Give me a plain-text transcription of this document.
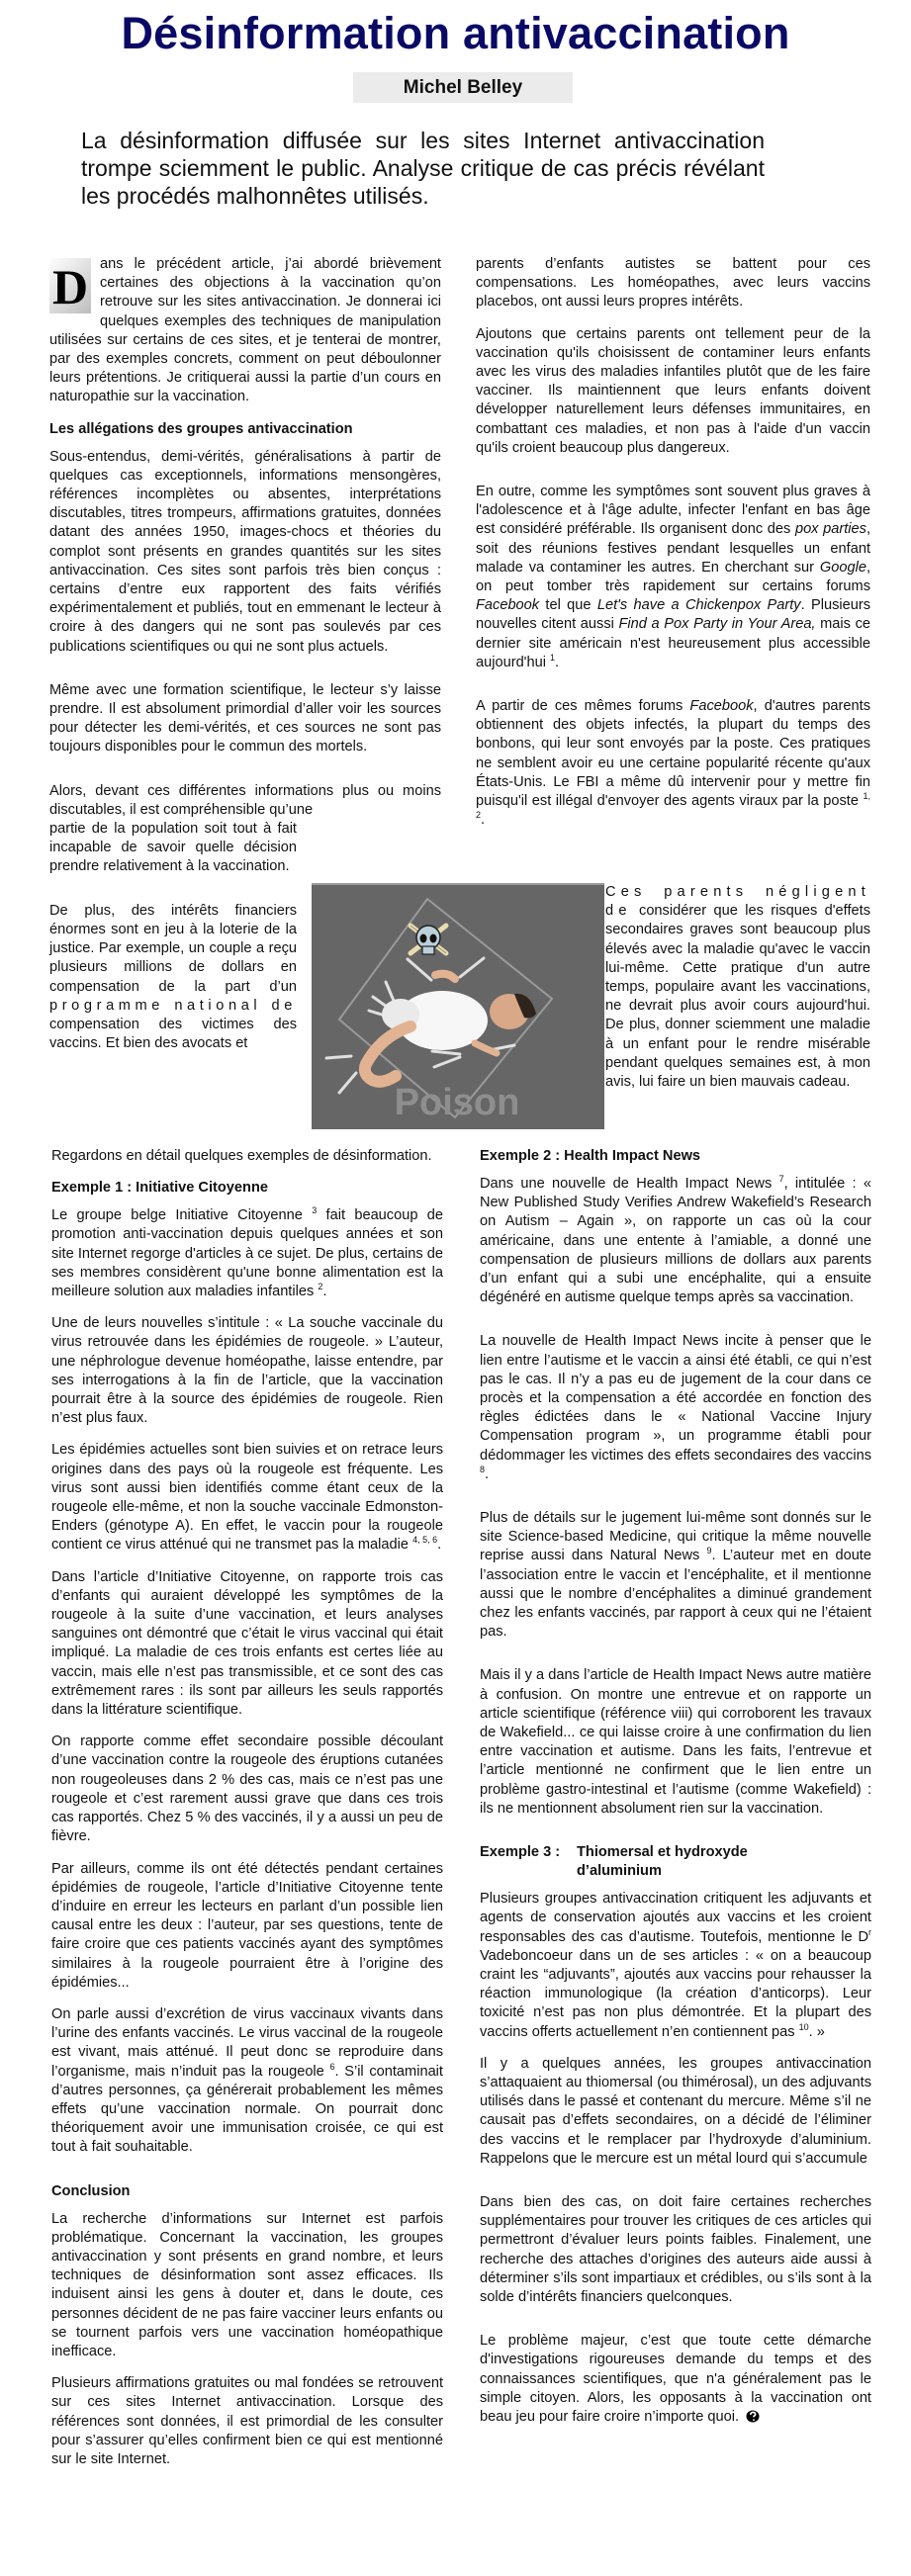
Désinformation antivaccination
Michel Belley

La désinformation diffusée sur les sites Internet antivaccination trompe sciemment le public. Analyse critique de cas précis révélant les procédés malhonnêtes utilisés.

D ans le précédent article, j’ai abordé brièvement certaines des objections à la vaccination qu’on retrouve sur les sites antivaccination. Je donnerai ici quelques exemples des techniques de manipulation utilisées sur certains de ces sites, et je tenterai de montrer, par des exemples concrets, comment on peut déboulonner leurs prétentions. Je critiquerai aussi la partie d’un cours en naturopathie sur la vaccination.

Les allégations des groupes antivaccination

Sous-entendus, demi-vérités, généralisations à partir de quelques cas exceptionnels, informations mensongères, références incomplètes ou absentes, interprétations discutables, titres trompeurs, affirmations gratuites, données datant des années 1950, images-chocs et théories du complot sont présents en grandes quantités sur les sites antivaccination. Ces sites sont parfois très bien conçus : certains d’entre eux rapportent des faits vérifiés expérimentalement et publiés, tout en emmenant le lecteur à croire à des dangers qui ne sont pas soulevés par ces publications scientifiques ou qui ne sont plus actuels.

Même avec une formation scientifique, le lecteur s’y laisse prendre. Il est absolument primordial d’aller voir les sources pour détecter les demi-vérités, et ces sources ne sont pas toujours disponibles pour le commun des mortels.

Alors, devant ces différentes informations plus ou moins discutables, il est compréhensible qu’une

partie de la population soit tout à fait incapable de savoir quelle décision prendre relativement à la vaccination.

De plus, des intérêts financiers énormes sont en jeu à la loterie de la justice. Par exemple, un couple a reçu plusieurs millions de dollars en compensation de la part d’un programme national de compensation des victimes des vaccins. Et bien des avocats et

parents d’enfants autistes se battent pour ces compensations. Les homéopathes, avec leurs vaccins placebos, ont aussi leurs propres intérêts.

Ajoutons que certains parents ont tellement peur de la vaccination qu'ils choisissent de contaminer leurs enfants avec les virus des maladies infantiles plutôt que de les faire vacciner. Ils maintiennent que leurs enfants doivent développer naturellement leurs défenses immunitaires, en combattant ces maladies, et non pas à l'aide d'un vaccin qu'ils croient beaucoup plus dangereux.

En outre, comme les symptômes sont souvent plus graves à l'adolescence et à l'âge adulte, infecter l'enfant en bas âge est considéré préférable. Ils organisent donc des pox parties, soit des réunions festives pendant lesquelles un enfant malade va contaminer les autres. En cherchant sur Google, on peut tomber très rapidement sur certains forums Facebook tel que Let's have a Chickenpox Party. Plusieurs nouvelles citent aussi Find a Pox Party in Your Area, mais ce dernier site américain n'est heureusement plus accessible aujourd'hui $^1$.

A partir de ces mêmes forums Facebook, d'autres parents obtiennent des objets infectés, la plupart du temps des bonbons, qui leur sont envoyés par la poste. Ces pratiques ne semblent avoir eu une certaine popularité récente qu'aux États-Unis. Le FBI a même dû intervenir pour y mettre fin puisqu'il est illégal d'envoyer des agents viraux par la poste $^{1, 2}$.

Ces parents négligent de considérer que les risques d'effets secondaires graves sont beaucoup plus élevés avec la maladie qu'avec le vaccin lui-même. Cette pratique d'un autre temps, populaire avant les vaccinations, ne devrait plus avoir cours aujourd'hui. De plus, donner sciemment une maladie à un enfant pour le rendre misérable pendant quelques semaines est, à mon avis, lui faire un bien mauvais cadeau.

Poison

Regardons en détail quelques exemples de désinformation.

Exemple 1 : Initiative Citoyenne

Le groupe belge Initiative Citoyenne $^3$ fait beaucoup de promotion anti-vaccination depuis quelques années et son site Internet regorge d'articles à ce sujet. De plus, certains de ses membres considèrent qu'une bonne alimentation est la meilleure solution aux maladies infantiles $^2$.

Une de leurs nouvelles s’intitule : « La souche vaccinale du virus retrouvée dans les épidémies de rougeole. » L’auteur, une néphrologue devenue homéopathe, laisse entendre, par ses interrogations à la fin de l’article, que la vaccination pourrait être à la source des épidémies de rougeole. Rien n’est plus faux.

Les épidémies actuelles sont bien suivies et on retrace leurs origines dans des pays où la rougeole est fréquente. Les virus sont aussi bien identifiés comme étant ceux de la rougeole elle-même, et non la souche vaccinale Edmonston-Enders (génotype A). En effet, le vaccin pour la rougeole contient ce virus atténué qui ne transmet pas la maladie $^{4, 5, 6}$.

Dans l’article d’Initiative Citoyenne, on rapporte trois cas d’enfants qui auraient développé les symptômes de la rougeole à la suite d’une vaccination, et leurs analyses sanguines ont démontré que c’était le virus vaccinal qui était impliqué. La maladie de ces trois enfants est certes liée au vaccin, mais elle n’est pas transmissible, et ce sont des cas extrêmement rares : ils sont par ailleurs les seuls rapportés dans la littérature scientifique.

On rapporte comme effet secondaire possible découlant d’une vaccination contre la rougeole des éruptions cutanées non rougeoleuses dans 2 % des cas, mais ce n’est pas une rougeole et c’est rarement aussi grave que dans ces trois cas rapportés. Chez 5 % des vaccinés, il y a aussi un peu de fièvre.

Par ailleurs, comme ils ont été détectés pendant certaines épidémies de rougeole, l’article d’Initiative Citoyenne tente d’induire en erreur les lecteurs en parlant d’un possible lien causal entre les deux : l’auteur, par ses questions, tente de faire croire que ces patients vaccinés ayant des symptômes similaires à la rougeole pourraient être à l’origine des épidémies...

On parle aussi d’excrétion de virus vaccinaux vivants dans l’urine des enfants vaccinés. Le virus vaccinal de la rougeole est vivant, mais atténué. Il peut donc se reproduire dans l’organisme, mais n’induit pas la rougeole $^6$. S’il contaminait d’autres personnes, ça générerait probablement les mêmes effets qu’une vaccination normale. On pourrait donc théoriquement avoir une immunisation croisée, ce qui est tout à fait souhaitable.

Conclusion

La recherche d’informations sur Internet est parfois problématique. Concernant la vaccination, les groupes antivaccination y sont présents en grand nombre, et leurs techniques de désinformation sont assez efficaces. Ils induisent ainsi les gens à douter et, dans le doute, ces personnes décident de ne pas faire vacciner leurs enfants ou se tournent parfois vers une vaccination homéopathique inefficace.

Plusieurs affirmations gratuites ou mal fondées se retrouvent sur ces sites Internet antivaccination. Lorsque des références sont données, il est primordial de les consulter pour s’assurer qu’elles confirment bien ce qui est mentionné sur le site Internet.

Exemple 2 : Health Impact News

Dans une nouvelle de Health Impact News $^7$, intitulée : « New Published Study Verifies Andrew Wakefield’s Research on Autism – Again », on rapporte un cas où la cour américaine, dans une entente à l’amiable, a donné une compensation de plusieurs millions de dollars aux parents d’un enfant qui a subi une encéphalite, qui a ensuite dégénéré en autisme quelque temps après sa vaccination.

La nouvelle de Health Impact News incite à penser que le lien entre l’autisme et le vaccin a ainsi été établi, ce qui n’est pas le cas. Il n’y a pas eu de jugement de la cour dans ce procès et la compensation a été accordée en fonction des règles édictées dans le « National Vaccine Injury Compensation program », un programme établi pour dédommager les victimes des effets secondaires des vaccins $^8$.

Plus de détails sur le jugement lui-même sont donnés sur le site Science-based Medicine, qui critique la même nouvelle reprise aussi dans Natural News $^9$. L’auteur met en doute l’association entre le vaccin et l’encéphalite, et il mentionne aussi que le nombre d’encéphalites a diminué grandement chez les enfants vaccinés, par rapport à ceux qui ne l’étaient pas.

Mais il y a dans l’article de Health Impact News autre matière à confusion. On montre une entrevue et on rapporte un article scientifique (référence viii) qui corroborent les travaux de Wakefield... ce qui laisse croire à une confirmation du lien entre vaccination et autisme. Dans les faits, l’entrevue et l’article mentionné ne confirment que le lien entre un problème gastro-intestinal et l’autisme (comme Wakefield) : ils ne mentionnent absolument rien sur la vaccination.

Exemple 3 :	Thiomersal et hydroxyde
d’aluminium

Plusieurs groupes antivaccination critiquent les adjuvants et agents de conservation ajoutés aux vaccins et les croient responsables des cas d’autisme. Toutefois, mentionne le $D^r$ Vadeboncoeur dans un de ses articles : « on a beaucoup craint les “adjuvants”, ajoutés aux vaccins pour rehausser la réaction immunologique (la création d’anticorps). Leur toxicité n’est pas non plus démontrée. Et la plupart des vaccins offerts actuellement n’en contiennent pas $^{10}$. »

Il y a quelques années, les groupes antivaccination s’attaquaient au thiomersal (ou thimérosal), un des adjuvants utilisés dans le passé et contenant du mercure. Même s’il ne causait pas d’effets secondaires, on a décidé de l’éliminer des vaccins et le remplacer par l’hydroxyde d’aluminium. Rappelons que le mercure est un métal lourd qui s’accumule

Dans bien des cas, on doit faire certaines recherches supplémentaires pour trouver les critiques de ces articles qui permettront d’évaluer leurs points faibles. Finalement, une recherche des attaches d’origines des auteurs aide aussi à déterminer s’ils sont impartiaux et crédibles, ou s’ils sont à la solde d’intérêts financiers quelconques.

Le problème majeur, c’est que toute cette démarche d'investigations rigoureuses demande du temps et des connaissances scientifiques, que n'a généralement pas le simple citoyen. Alors, les opposants à la vaccination ont beau jeu pour faire croire n’importe quoi.
